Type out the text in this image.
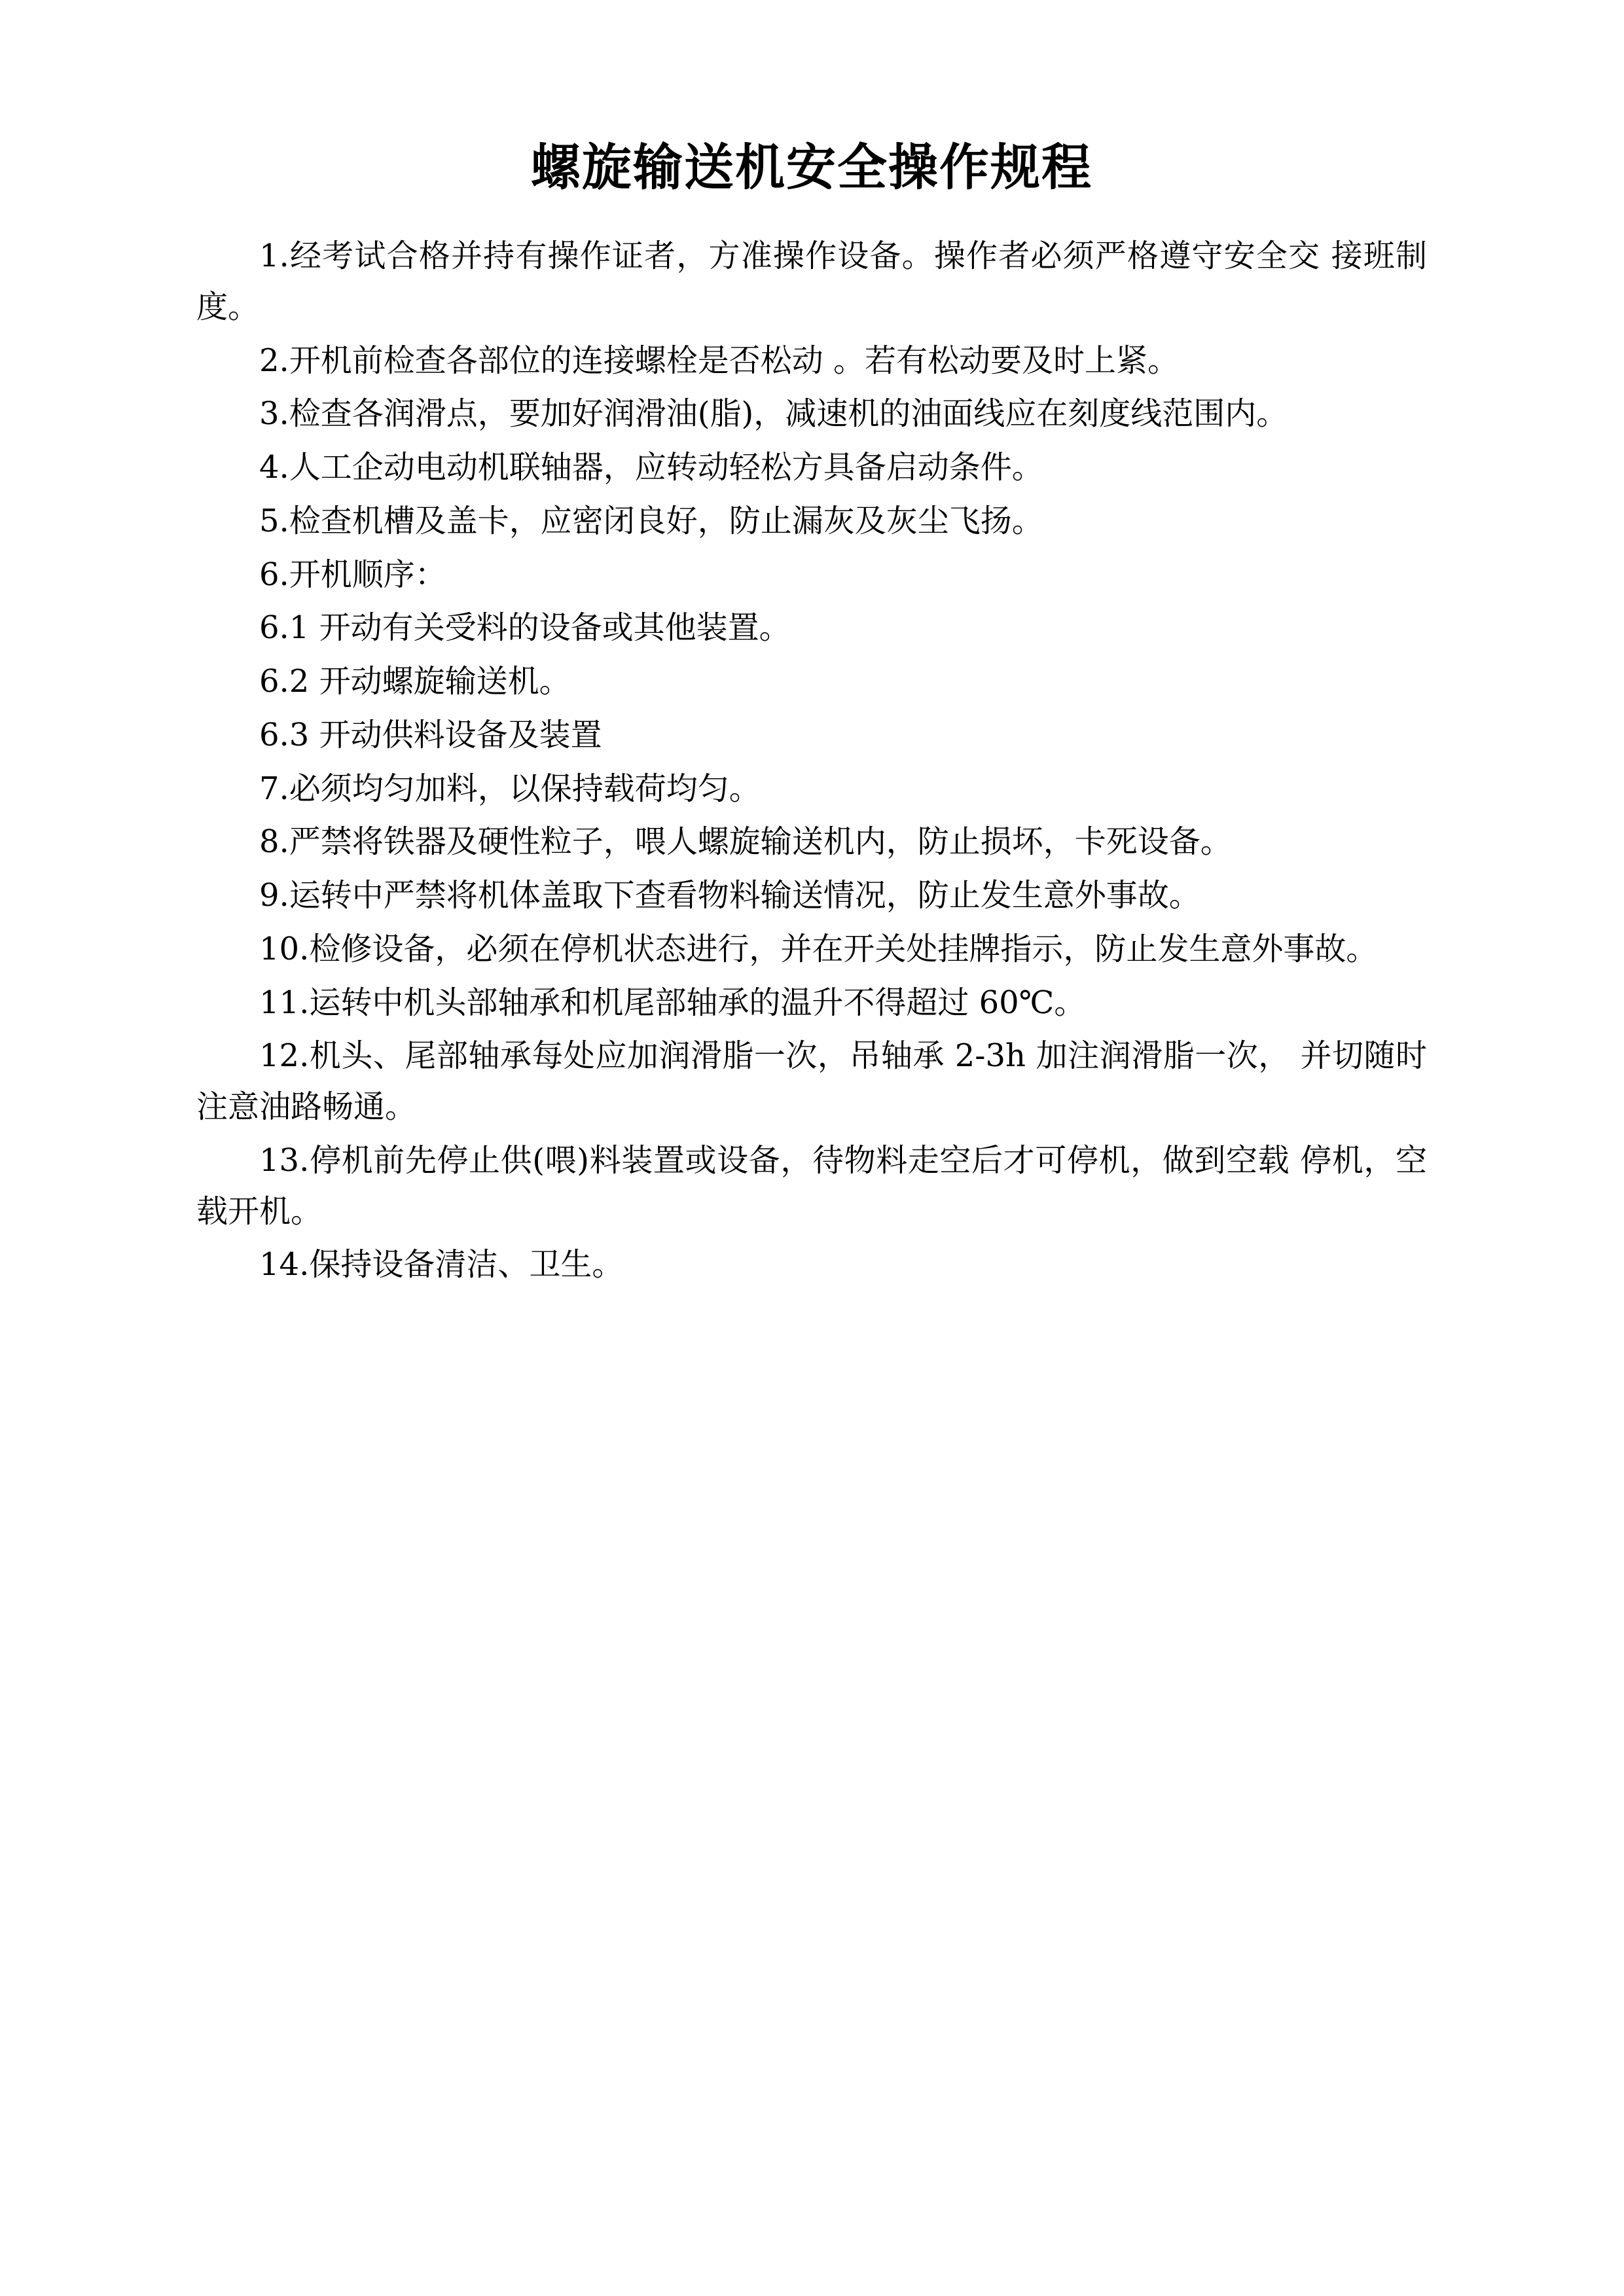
螺旋输送机安全操作规程

1.经考试合格并持有操作证者，方准操作设备。操作者必须严格遵守安全交 接班制度。

2.开机前检查各部位的连接螺栓是否松动 。若有松动要及时上紧。

3.检查各润滑点，要加好润滑油(脂)，减速机的油面线应在刻度线范围内。

4.人工企动电动机联轴器，应转动轻松方具备启动条件。

5.检查机槽及盖卡，应密闭良好，防止漏灰及灰尘飞扬。

6.开机顺序：

6.1 开动有关受料的设备或其他装置。

6.2 开动螺旋输送机。

6.3 开动供料设备及装置

7.必须均匀加料，以保持载荷均匀。

8.严禁将铁器及硬性粒子，喂人螺旋输送机内，防止损坏，卡死设备。

9.运转中严禁将机体盖取下查看物料输送情况，防止发生意外事故。

10.检修设备，必须在停机状态进行，并在开关处挂牌指示，防止发生意外事故。

11.运转中机头部轴承和机尾部轴承的温升不得超过 60℃。

12.机头、尾部轴承每处应加润滑脂一次，吊轴承 2-3h 加注润滑脂一次， 并切随时注意油路畅通。

13.停机前先停止供(喂)料装置或设备，待物料走空后才可停机，做到空载 停机，空载开机。

14.保持设备清洁、卫生。
